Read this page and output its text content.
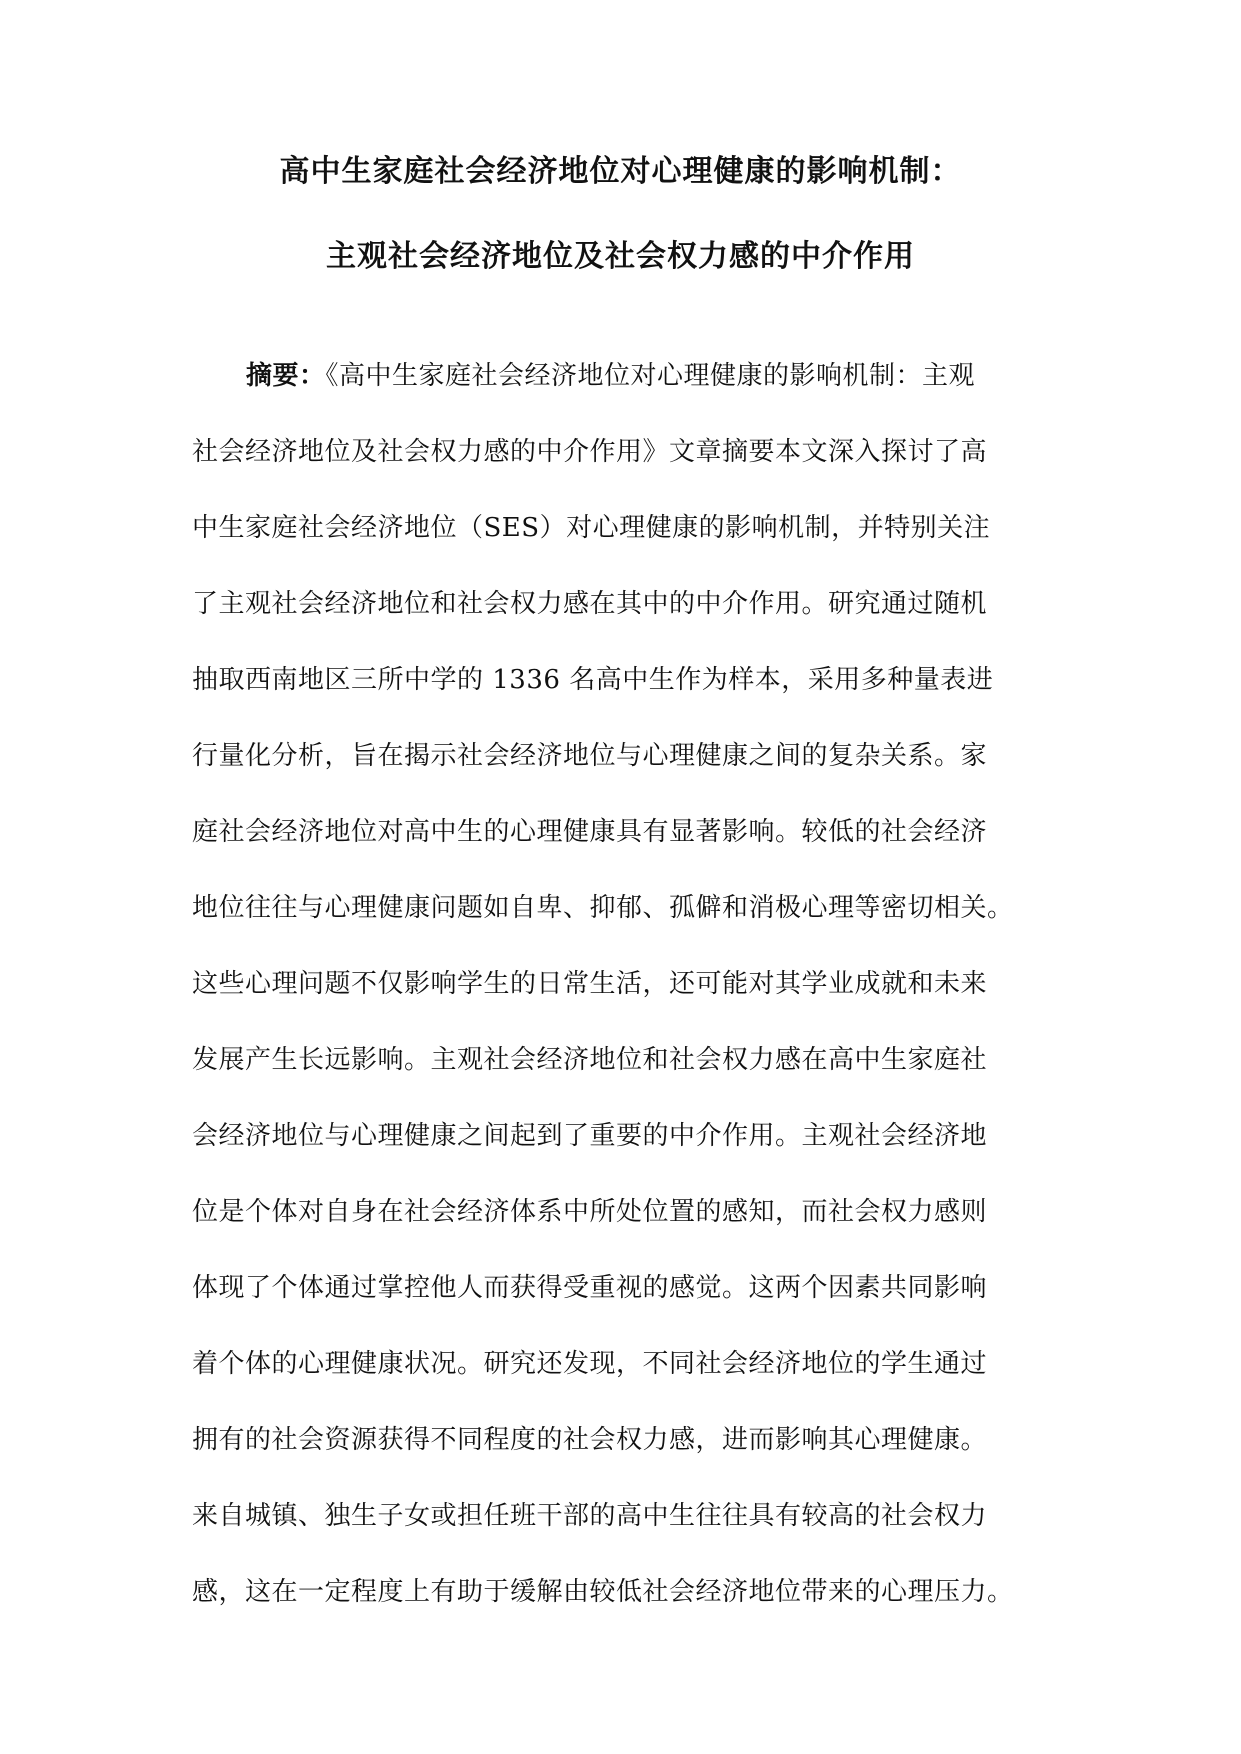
高中生家庭社会经济地位对心理健康的影响机制：
主观社会经济地位及社会权力感的中介作用
摘要：《高中生家庭社会经济地位对心理健康的影响机制：主观
社会经济地位及社会权力感的中介作用》文章摘要本文深入探讨了高
中生家庭社会经济地位（SES）对心理健康的影响机制，并特别关注
了主观社会经济地位和社会权力感在其中的中介作用。研究通过随机
抽取西南地区三所中学的 1336 名高中生作为样本，采用多种量表进
行量化分析，旨在揭示社会经济地位与心理健康之间的复杂关系。家
庭社会经济地位对高中生的心理健康具有显著影响。较低的社会经济
地位往往与心理健康问题如自卑、抑郁、孤僻和消极心理等密切相关。
这些心理问题不仅影响学生的日常生活，还可能对其学业成就和未来
发展产生长远影响。主观社会经济地位和社会权力感在高中生家庭社
会经济地位与心理健康之间起到了重要的中介作用。主观社会经济地
位是个体对自身在社会经济体系中所处位置的感知，而社会权力感则
体现了个体通过掌控他人而获得受重视的感觉。这两个因素共同影响
着个体的心理健康状况。研究还发现，不同社会经济地位的学生通过
拥有的社会资源获得不同程度的社会权力感，进而影响其心理健康。
来自城镇、独生子女或担任班干部的高中生往往具有较高的社会权力
感，这在一定程度上有助于缓解由较低社会经济地位带来的心理压力。
